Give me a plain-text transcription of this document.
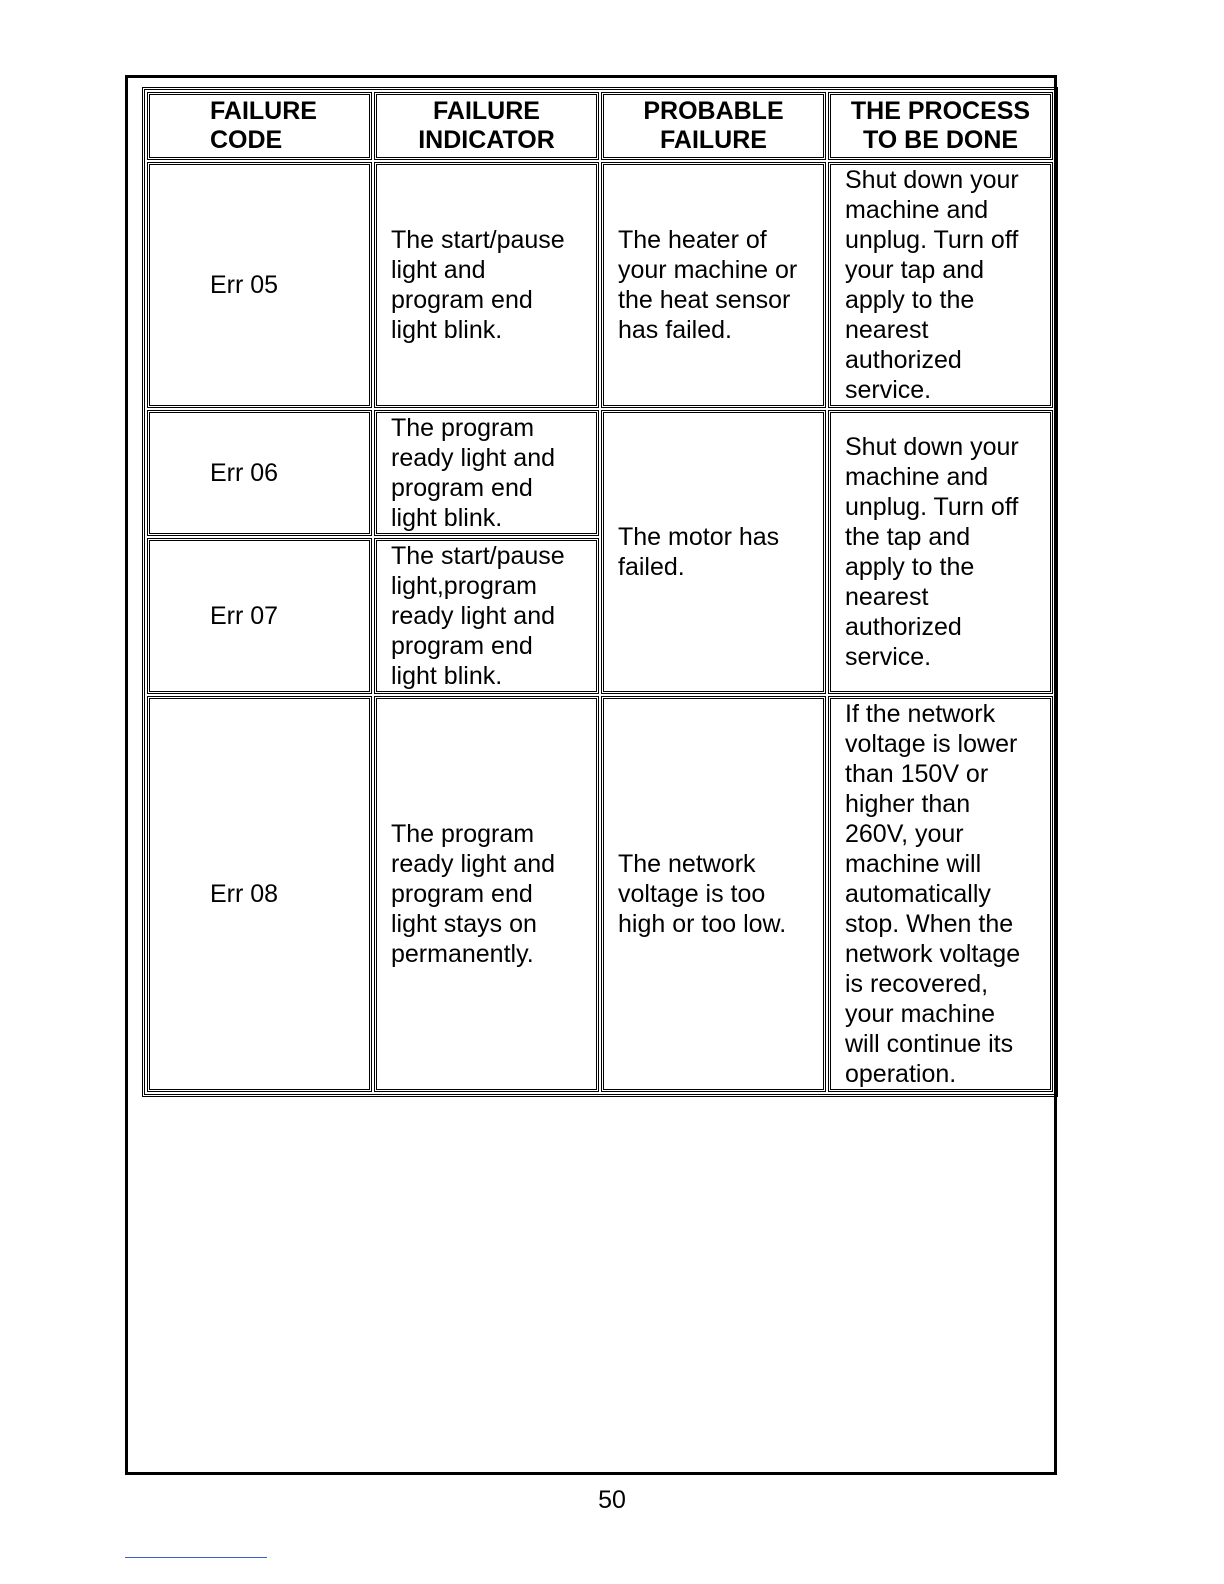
FAILURE CODE	FAILURE INDICATOR	PROBABLE FAILURE	THE PROCESS TO BE DONE
Err 05	The start/pause light and program end light blink.	The heater of your machine or the heat sensor has failed.	Shut down your machine and unplug. Turn off your tap and apply to the nearest authorized service.
Err 06	The program ready light and program end light blink.	The motor has failed.	Shut down your machine and unplug. Turn off the tap and apply to the nearest authorized service.
Err 07	The start/pause light,program ready light and program end light blink.		
Err 08	The program ready light and program end light stays on permanently.	The network voltage is too high or too low.	If the network voltage is lower than 150V or higher than 260V, your machine will automatically stop. When the network voltage is recovered, your machine will continue its operation.
50
